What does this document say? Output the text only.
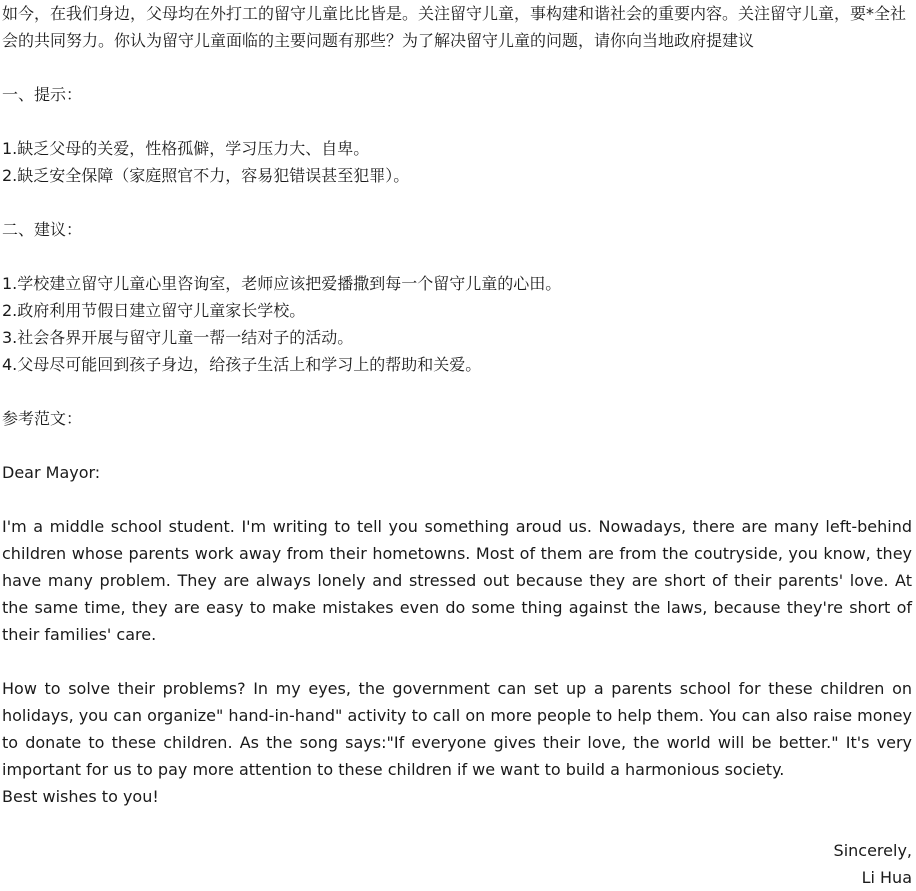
如今，在我们身边，父母均在外打工的留守儿童比比皆是。关注留守儿童，事构建和谐社会的重要内容。关注留守儿童，要*全社会的共同努力。你认为留守儿童面临的主要问题有那些？为了解决留守儿童的问题，请你向当地政府提建议

一、提示：

1.缺乏父母的关爱，性格孤僻，学习压力大、自卑。

2.缺乏安全保障（家庭照官不力，容易犯错误甚至犯罪）。

二、建议：

1.学校建立留守儿童心里咨询室，老师应该把爱播撒到每一个留守儿童的心田。

2.政府利用节假日建立留守儿童家长学校。

3.社会各界开展与留守儿童一帮一结对子的活动。

4.父母尽可能回到孩子身边，给孩子生活上和学习上的帮助和关爱。

参考范文：

Dear Mayor:

I'm a middle school student. I'm writing to tell you something aroud us. Nowadays, there are many left-behind children whose parents work away from their hometowns. Most of them are from the coutryside, you know, they have many problem. They are always lonely and stressed out because they are short of their parents' love. At the same time, they are easy to make mistakes even do some thing against the laws, because they're short of their families' care.

How to solve their problems? In my eyes, the government can set up a parents school for these children on holidays, you can organize" hand-in-hand" activity to call on more people to help them. You can also raise money to donate to these children. As the song says:"If everyone gives their love, the world will be better." It's very important for us to pay more attention to these children if we want to build a harmonious society.

Best wishes to you!

Sincerely,

Li Hua
